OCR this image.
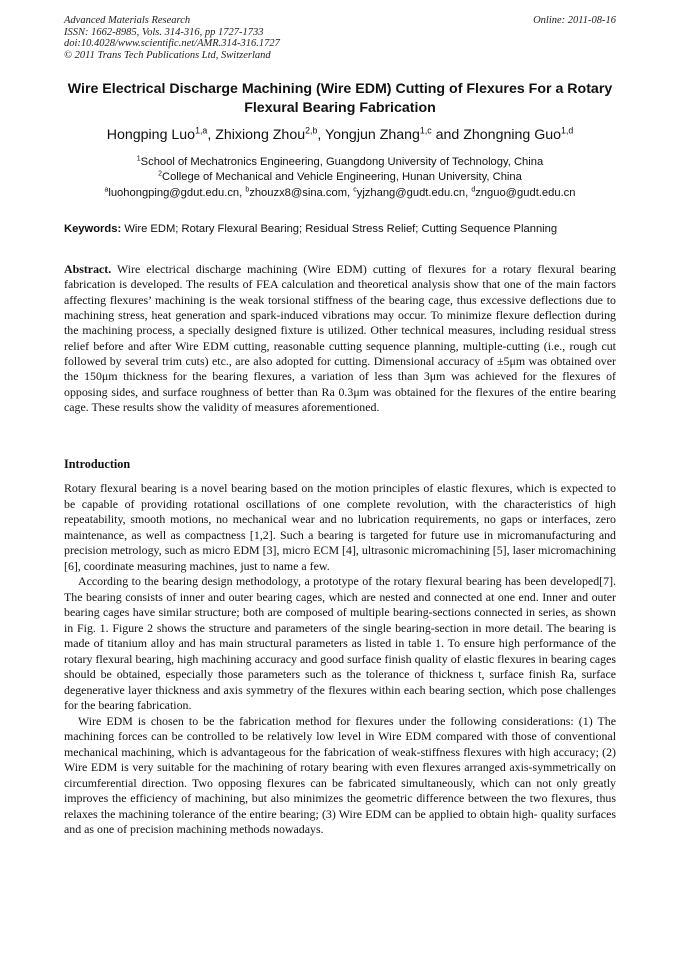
Advanced Materials Research
ISSN: 1662-8985, Vols. 314-316, pp 1727-1733
doi:10.4028/www.scientific.net/AMR.314-316.1727
© 2011 Trans Tech Publications Ltd, Switzerland
Online: 2011-08-16
Wire Electrical Discharge Machining (Wire EDM) Cutting of Flexures For a Rotary Flexural Bearing Fabrication
Hongping Luo$^{1,a}$, Zhixiong Zhou$^{2,b}$, Yongjun Zhang$^{1,c}$ and Zhongning Guo$^{1,d}$
$^1$School of Mechatronics Engineering, Guangdong University of Technology, China
$^2$College of Mechanical and Vehicle Engineering, Hunan University, China
$^a$luohongping@gdut.edu.cn, $^b$zhouzx8@sina.com, $^c$yjzhang@gudt.edu.cn, $^d$znguo@gudt.edu.cn
Keywords: Wire EDM; Rotary Flexural Bearing; Residual Stress Relief; Cutting Sequence Planning
Abstract. Wire electrical discharge machining (Wire EDM) cutting of flexures for a rotary flexural bearing fabrication is developed. The results of FEA calculation and theoretical analysis show that one of the main factors affecting flexures’ machining is the weak torsional stiffness of the bearing cage, thus excessive deflections due to machining stress, heat generation and spark-induced vibrations may occur. To minimize flexure deflection during the machining process, a specially designed fixture is utilized. Other technical measures, including residual stress relief before and after Wire EDM cutting, reasonable cutting sequence planning, multiple-cutting (i.e., rough cut followed by several trim cuts) etc., are also adopted for cutting. Dimensional accuracy of ±5μm was obtained over the 150μm thickness for the bearing flexures, a variation of less than 3μm was achieved for the flexures of opposing sides, and surface roughness of better than Ra 0.3μm was obtained for the flexures of the entire bearing cage. These results show the validity of measures aforementioned.
Introduction

Rotary flexural bearing is a novel bearing based on the motion principles of elastic flexures, which is expected to be capable of providing rotational oscillations of one complete revolution, with the characteristics of high repeatability, smooth motions, no mechanical wear and no lubrication requirements, no gaps or interfaces, zero maintenance, as well as compactness [1,2]. Such a bearing is targeted for future use in micromanufacturing and precision metrology, such as micro EDM [3], micro ECM [4], ultrasonic micromachining [5], laser micromachining [6], coordinate measuring machines, just to name a few.

According to the bearing design methodology, a prototype of the rotary flexural bearing has been developed[7]. The bearing consists of inner and outer bearing cages, which are nested and connected at one end. Inner and outer bearing cages have similar structure; both are composed of multiple bearing-sections connected in series, as shown in Fig. 1. Figure 2 shows the structure and parameters of the single bearing-section in more detail. The bearing is made of titanium alloy and has main structural parameters as listed in table 1. To ensure high performance of the rotary flexural bearing, high machining accuracy and good surface finish quality of elastic flexures in bearing cages should be obtained, especially those parameters such as the tolerance of thickness t, surface finish Ra, surface degenerative layer thickness and axis symmetry of the flexures within each bearing section, which pose challenges for the bearing fabrication.

Wire EDM is chosen to be the fabrication method for flexures under the following considerations: (1) The machining forces can be controlled to be relatively low level in Wire EDM compared with those of conventional mechanical machining, which is advantageous for the fabrication of weak-stiffness flexures with high accuracy; (2) Wire EDM is very suitable for the machining of rotary bearing with even flexures arranged axis-symmetrically on circumferential direction. Two opposing flexures can be fabricated simultaneously, which can not only greatly improves the efficiency of machining, but also minimizes the geometric difference between the two flexures, thus relaxes the machining tolerance of the entire bearing; (3) Wire EDM can be applied to obtain high- quality surfaces and as one of precision machining methods nowadays.
